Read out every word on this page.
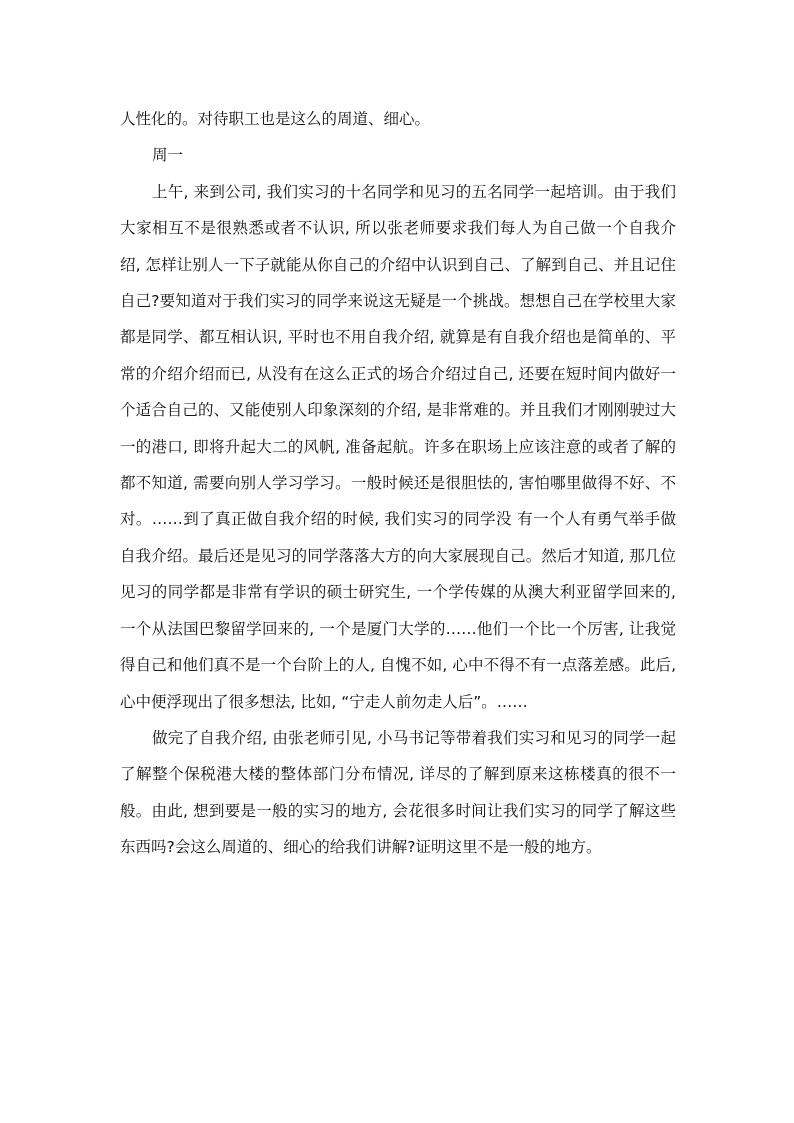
人性化的。对待职工也是这么的周道、细心。

周一

上午, 来到公司, 我们实习的十名同学和见习的五名同学一起培训。由于我们大家相互不是很熟悉或者不认识, 所以张老师要求我们每人为自己做一个自我介绍, 怎样让别人一下子就能从你自己的介绍中认识到自己、了解到自己、并且记住自己?要知道对于我们实习的同学来说这无疑是一个挑战。想想自己在学校里大家都是同学、都互相认识, 平时也不用自我介绍, 就算是有自我介绍也是简单的、平常的介绍介绍而已, 从没有在这么正式的场合介绍过自己, 还要在短时间内做好一个适合自己的、又能使别人印象深刻的介绍, 是非常难的。并且我们才刚刚驶过大一的港口, 即将升起大二的风帆, 准备起航。许多在职场上应该注意的或者了解的都不知道, 需要向别人学习学习。一般时候还是很胆怯的, 害怕哪里做得不好、不对。……到了真正做自我介绍的时候, 我们实习的同学没 有一个人有勇气举手做自我介绍。最后还是见习的同学落落大方的向大家展现自己。然后才知道, 那几位见习的同学都是非常有学识的硕士研究生, 一个学传媒的从澳大利亚留学回来的, 一个从法国巴黎留学回来的, 一个是厦门大学的……他们一个比一个厉害, 让我觉得自己和他们真不是一个台阶上的人, 自愧不如, 心中不得不有一点落差感。此后, 心中便浮现出了很多想法, 比如, “宁走人前勿走人后”。……

做完了自我介绍, 由张老师引见, 小马书记等带着我们实习和见习的同学一起了解整个保税港大楼的整体部门分布情况, 详尽的了解到原来这栋楼真的很不一般。由此, 想到要是一般的实习的地方, 会花很多时间让我们实习的同学了解这些东西吗?会这么周道的、细心的给我们讲解?证明这里不是一般的地方。
